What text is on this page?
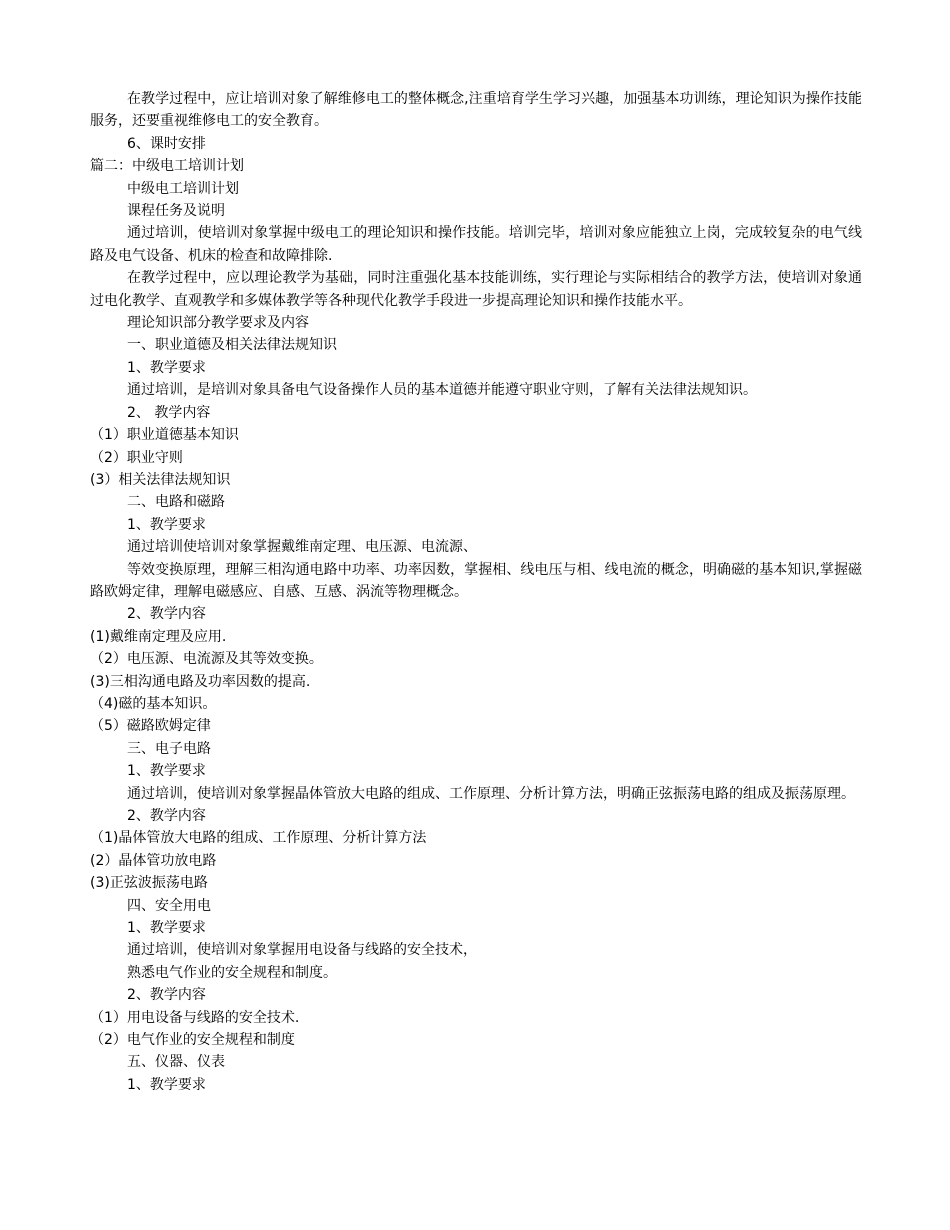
在教学过程中，应让培训对象了解维修电工的整体概念,注重培育学生学习兴趣，加强基本功训练，理论知识为操作技能服务，还要重视维修电工的安全教育。

6、课时安排

篇二：中级电工培训计划

中级电工培训计划

课程任务及说明

通过培训，使培训对象掌握中级电工的理论知识和操作技能。培训完毕，培训对象应能独立上岗，完成较复杂的电气线路及电气设备、机床的检查和故障排除.

在教学过程中，应以理论教学为基础，同时注重强化基本技能训练，实行理论与实际相结合的教学方法，使培训对象通过电化教学、直观教学和多媒体教学等各种现代化教学手段进一步提高理论知识和操作技能水平。

理论知识部分教学要求及内容

一、职业道德及相关法律法规知识

1、教学要求

通过培训，是培训对象具备电气设备操作人员的基本道德并能遵守职业守则，了解有关法律法规知识。

2、 教学内容

（1）职业道德基本知识

（2）职业守则

(3）相关法律法规知识

二、电路和磁路

1、教学要求

通过培训使培训对象掌握戴维南定理、电压源、电流源、

等效变换原理，理解三相沟通电路中功率、功率因数，掌握相、线电压与相、线电流的概念，明确磁的基本知识,掌握磁路欧姆定律，理解电磁感应、自感、互感、涡流等物理概念。

2、教学内容

(1)戴维南定理及应用.

（2）电压源、电流源及其等效变换。

(3)三相沟通电路及功率因数的提高.

（4)磁的基本知识。

（5）磁路欧姆定律

三、电子电路

1、教学要求

通过培训，使培训对象掌握晶体管放大电路的组成、工作原理、分析计算方法，明确正弦振荡电路的组成及振荡原理。

2、教学内容

（1)晶体管放大电路的组成、工作原理、分析计算方法

(2）晶体管功放电路

(3)正弦波振荡电路

四、安全用电

1、教学要求

通过培训，使培训对象掌握用电设备与线路的安全技术，

熟悉电气作业的安全规程和制度。

2、教学内容

（1）用电设备与线路的安全技术.

（2）电气作业的安全规程和制度

五、仪器、仪表

1、教学要求
